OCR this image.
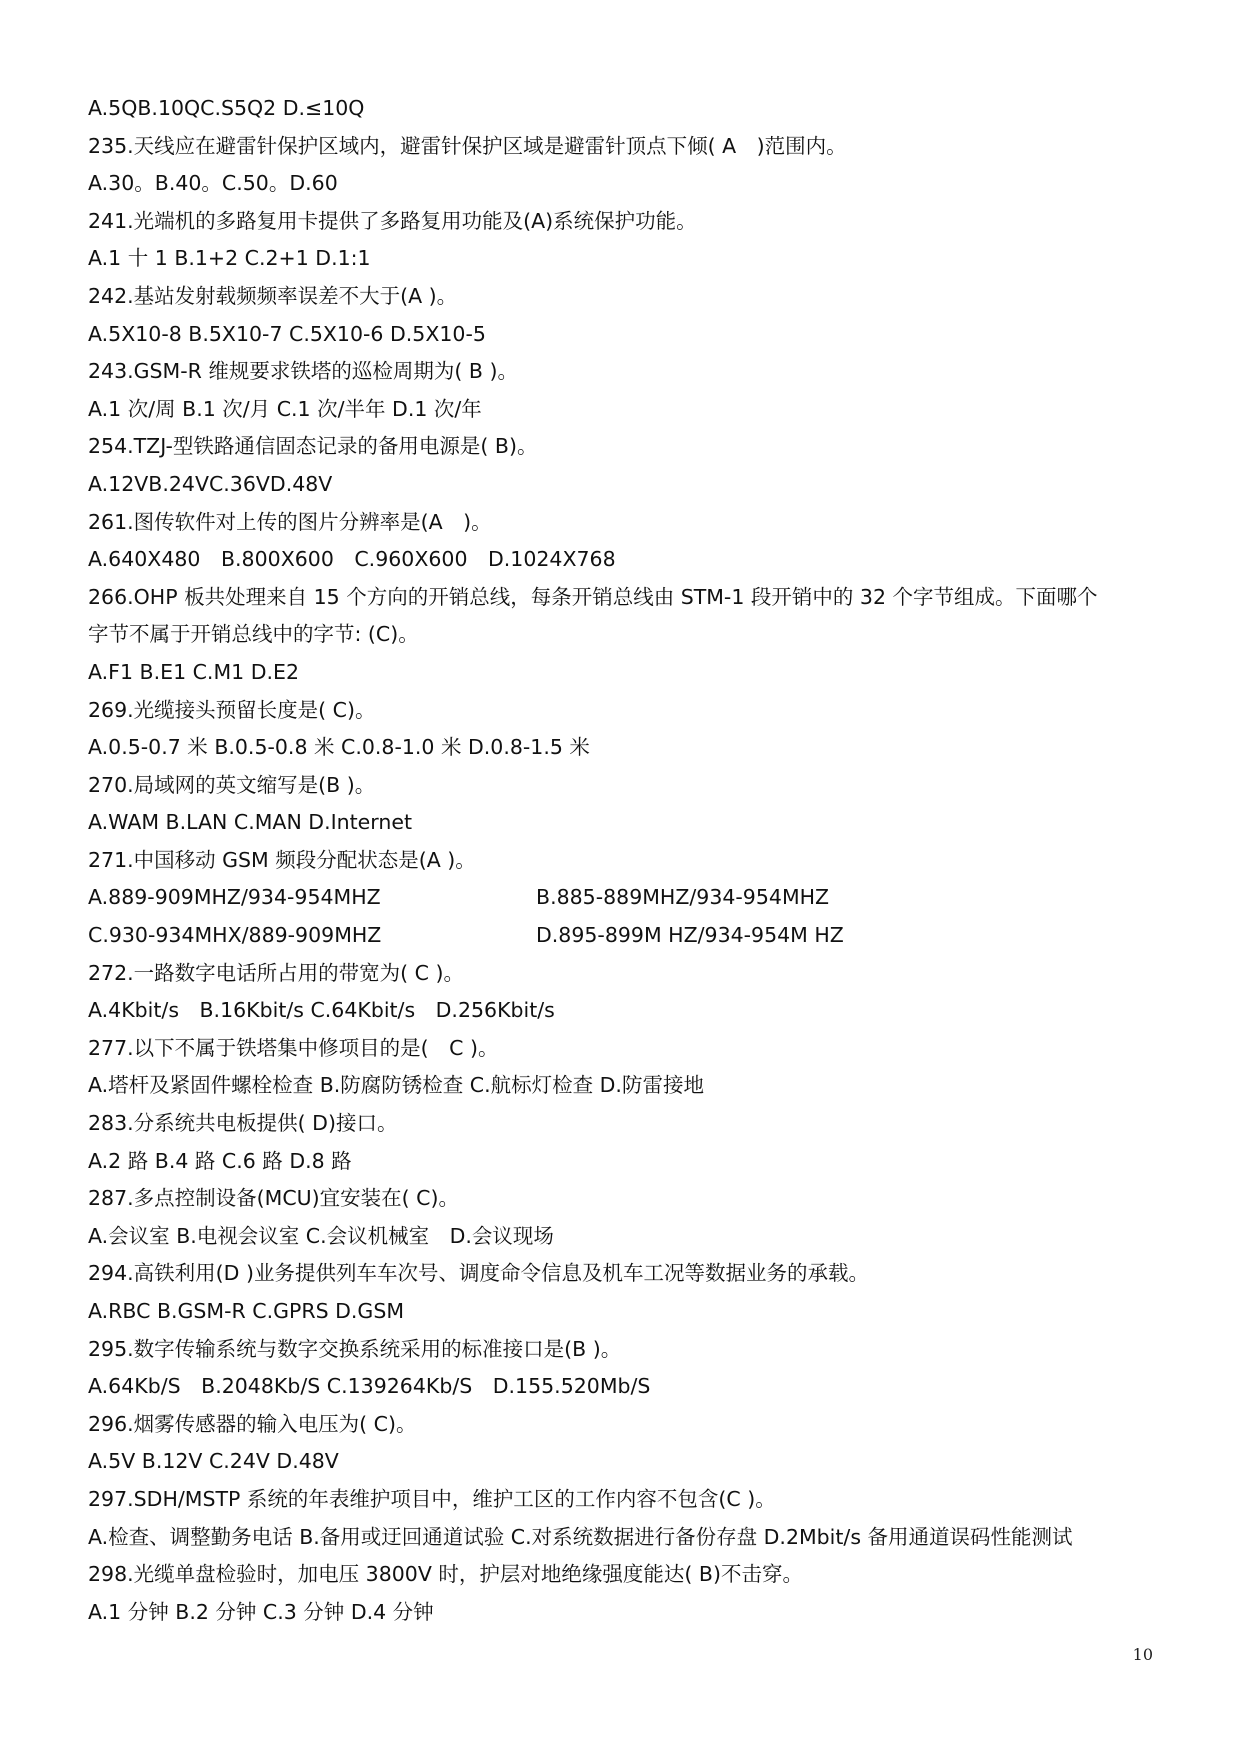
A.5QB.10QC.S5Q2 D.≤10Q
235.天线应在避雷针保护区域内，避雷针保护区域是避雷针顶点下倾( A　)范围内。
A.30。B.40。C.50。D.60
241.光端机的多路复用卡提供了多路复用功能及(A)系统保护功能。
A.1 十 1 B.1+2 C.2+1 D.1:1
242.基站发射载频频率误差不大于(A )。
A.5X10-8 B.5X10-7 C.5X10-6 D.5X10-5
243.GSM-R 维规要求铁塔的巡检周期为( B )。
A.1 次/周 B.1 次/月 C.1 次/半年 D.1 次/年
254.TZJ-型铁路通信固态记录的备用电源是( B)。
A.12VB.24VC.36VD.48V
261.图传软件对上传的图片分辨率是(A　)。
A.640X480　B.800X600　C.960X600　D.1024X768
266.OHP 板共处理来自 15 个方向的开销总线，每条开销总线由 STM-1 段开销中的 32 个字节组成。下面哪个
字节不属于开销总线中的字节: (C)。
A.F1 B.E1 C.M1 D.E2
269.光缆接头预留长度是( C)。
A.0.5-0.7 米 B.0.5-0.8 米 C.0.8-1.0 米 D.0.8-1.5 米
270.局域网的英文缩写是(B )。
A.WAM B.LAN C.MAN D.Internet
271.中国移动 GSM 频段分配状态是(A )。
A.889-909MHZ/934-954MHZ	B.885-889MHZ/934-954MHZ
C.930-934MHX/889-909MHZ	D.895-899M HZ/934-954M HZ
272.一路数字电话所占用的带宽为( C )。
A.4Kbit/s　B.16Kbit/s C.64Kbit/s　D.256Kbit/s
277.以下不属于铁塔集中修项目的是(　C )。
A.塔杆及紧固件螺栓检查 B.防腐防锈检查 C.航标灯检查 D.防雷接地
283.分系统共电板提供( D)接口。
A.2 路 B.4 路 C.6 路 D.8 路
287.多点控制设备(MCU)宜安装在( C)。
A.会议室 B.电视会议室 C.会议机械室　D.会议现场
294.高铁利用(D )业务提供列车车次号、调度命令信息及机车工况等数据业务的承载。
A.RBC B.GSM-R C.GPRS D.GSM
295.数字传输系统与数字交换系统采用的标准接口是(B )。
A.64Kb/S　B.2048Kb/S C.139264Kb/S　D.155.520Mb/S
296.烟雾传感器的输入电压为( C)。
A.5V B.12V C.24V D.48V
297.SDH/MSTP 系统的年表维护项目中，维护工区的工作内容不包含(C )。
A.检查、调整勤务电话 B.备用或迂回通道试验 C.对系统数据进行备份存盘 D.2Mbit/s 备用通道误码性能测试
298.光缆单盘检验时，加电压 3800V 时，护层对地绝缘强度能达( B)不击穿。
A.1 分钟 B.2 分钟 C.3 分钟 D.4 分钟
10
